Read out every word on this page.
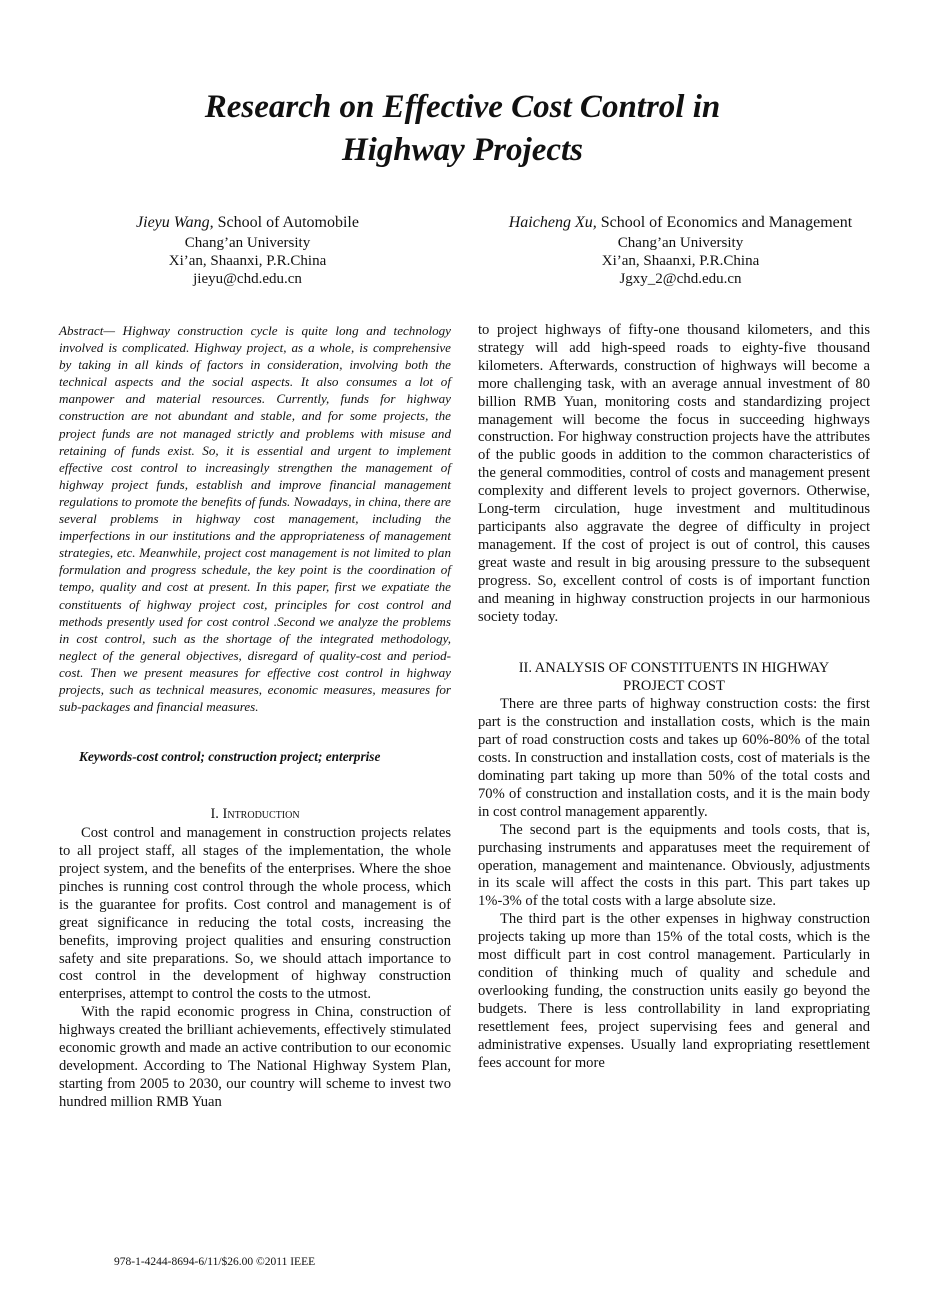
Research on Effective Cost Control in
Highway Projects
Jieyu Wang, School of Automobile
Chang’an University
Xi’an, Shaanxi, P.R.China
jieyu@chd.edu.cn
Haicheng Xu, School of Economics and Management
Chang’an University
Xi’an, Shaanxi, P.R.China
Jgxy_2@chd.edu.cn

Abstract— Highway construction cycle is quite long and technology involved is complicated. Highway project, as a whole, is comprehensive by taking in all kinds of factors in consideration, involving both the technical aspects and the social aspects. It also consumes a lot of manpower and material resources. Currently, funds for highway construction are not abundant and stable, and for some projects, the project funds are not managed strictly and problems with misuse and retaining of funds exist. So, it is essential and urgent to implement effective cost control to increasingly strengthen the management of highway project funds, establish and improve financial management regulations to promote the benefits of funds. Nowadays, in china, there are several problems in highway cost management, including the imperfections in our institutions and the appropriateness of management strategies, etc. Meanwhile, project cost management is not limited to plan formulation and progress schedule, the key point is the coordination of tempo, quality and cost at present. In this paper, first we expatiate the constituents of highway project cost, principles for cost control and methods presently used for cost control .Second we analyze the problems in cost control, such as the shortage of the integrated methodology, neglect of the general objectives, disregard of quality-cost and period-cost. Then we present measures for effective cost control in highway projects, such as technical measures, economic measures, measures for sub-packages and financial measures.

Keywords-cost control; construction project; enterprise

I. Introduction

Cost control and management in construction projects relates to all project staff, all stages of the implementation, the whole project system, and the benefits of the enterprises. Where the shoe pinches is running cost control through the whole process, which is the guarantee for profits. Cost control and management is of great significance in reducing the total costs, increasing the benefits, improving project qualities and ensuring construction safety and site preparations. So, we should attach importance to cost control in the development of highway construction enterprises, attempt to control the costs to the utmost.

With the rapid economic progress in China, construction of highways created the brilliant achievements, effectively stimulated economic growth and made an active contribution to our economic development. According to The National Highway System Plan, starting from 2005 to 2030, our country will scheme to invest two hundred million RMB Yuan

to project highways of fifty-one thousand kilometers, and this strategy will add high-speed roads to eighty-five thousand kilometers. Afterwards, construction of highways will become a more challenging task, with an average annual investment of 80 billion RMB Yuan, monitoring costs and standardizing project management will become the focus in succeeding highways construction. For highway construction projects have the attributes of the public goods in addition to the common characteristics of the general commodities, control of costs and management present complexity and different levels to project governors. Otherwise, Long-term circulation, huge investment and multitudinous participants also aggravate the degree of difficulty in project management. If the cost of project is out of control, this causes great waste and result in big arousing pressure to the subsequent progress. So, excellent control of costs is of important function and meaning in highway construction projects in our harmonious society today.

II. ANALYSIS OF CONSTITUENTS IN HIGHWAY
PROJECT COST

There are three parts of highway construction costs: the first part is the construction and installation costs, which is the main part of road construction costs and takes up 60%-80% of the total costs. In construction and installation costs, cost of materials is the dominating part taking up more than 50% of the total costs and 70% of construction and installation costs, and it is the main body in cost control management apparently.

The second part is the equipments and tools costs, that is, purchasing instruments and apparatuses meet the requirement of operation, management and maintenance. Obviously, adjustments in its scale will affect the costs in this part. This part takes up 1%-3% of the total costs with a large absolute size.

The third part is the other expenses in highway construction projects taking up more than 15% of the total costs, which is the most difficult part in cost control management. Particularly in condition of thinking much of quality and schedule and overlooking funding, the construction units easily go beyond the budgets. There is less controllability in land expropriating resettlement fees, project supervising fees and general and administrative expenses. Usually land expropriating resettlement fees account for more

978-1-4244-8694-6/11/$26.00 ©2011 IEEE
